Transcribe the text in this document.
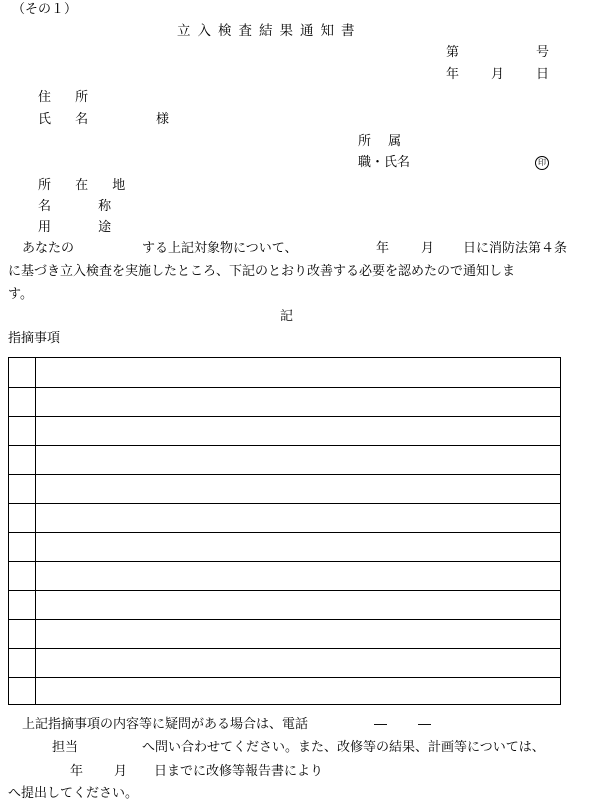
（その１）
立入検査結果通知書
第	号
年 月 日
住 所
氏 名	様
所　 属
職・氏名	印
所 在 地
名　 称
用　 途
あなたの	する上記対象物について、	年 月 日に消防法第４条
に基づき立入検査を実施したところ、下記のとおり改善する必要を認めたので通知しま
す。
記
指摘事項
上記指摘事項の内容等に疑問がある場合は、電話	― ―
担当	へ問い合わせてください。また、改修等の結果、計画等については、
年 月 日までに改修等報告書により
へ提出してください。
